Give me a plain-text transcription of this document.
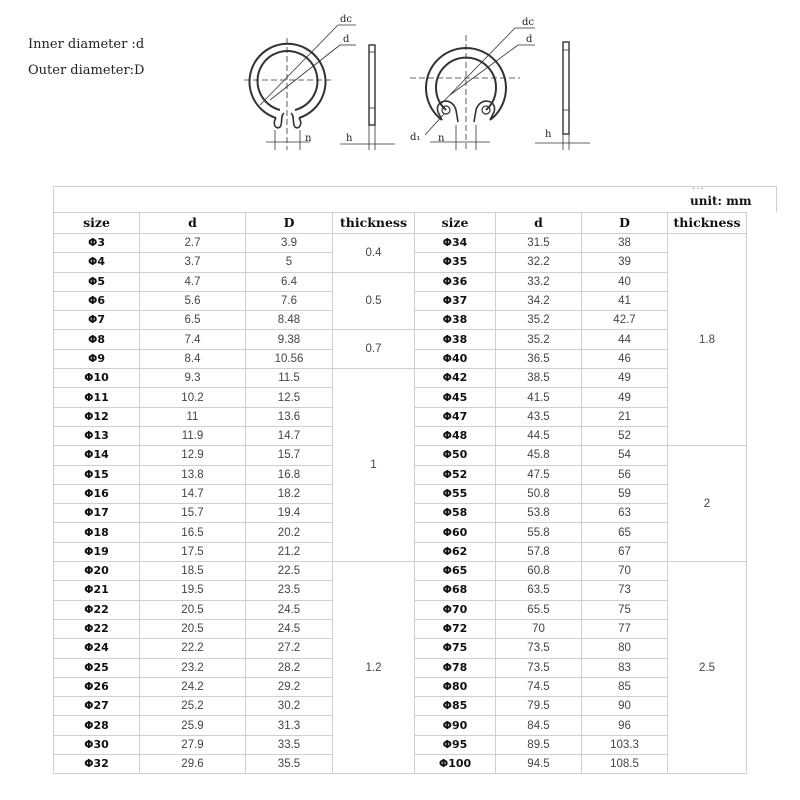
Inner diameter :d
Outer diameter:D
dc
d
n	h
dc
d
d₁ n	h
···
unit: mm
size	d	D	thickness	size	d	D	thickness
Φ3	2.7	3.9	0.4	Φ34	31.5	38	1.8
Φ4	3.7	5		Φ35	32.2	39	
Φ5	4.7	6.4	0.5	Φ36	33.2	40	
Φ6	5.6	7.6		Φ37	34.2	41	
Φ7	6.5	8.48		Φ38	35.2	42.7	
Φ8	7.4	9.38	0.7	Φ38	35.2	44	
Φ9	8.4	10.56		Φ40	36.5	46	
Φ10	9.3	11.5	1	Φ42	38.5	49	
Φ11	10.2	12.5		Φ45	41.5	49	
Φ12	11	13.6		Φ47	43.5	21	
Φ13	11.9	14.7		Φ48	44.5	52	
Φ14	12.9	15.7		Φ50	45.8	54	2
Φ15	13.8	16.8		Φ52	47.5	56	
Φ16	14.7	18.2		Φ55	50.8	59	
Φ17	15.7	19.4		Φ58	53.8	63	
Φ18	16.5	20.2		Φ60	55.8	65	
Φ19	17.5	21.2		Φ62	57.8	67	
Φ20	18.5	22.5	1.2	Φ65	60.8	70	2.5
Φ21	19.5	23.5		Φ68	63.5	73	
Φ22	20.5	24.5		Φ70	65.5	75	
Φ22	20.5	24.5		Φ72	70	77	
Φ24	22.2	27.2		Φ75	73.5	80	
Φ25	23.2	28.2		Φ78	73.5	83	
Φ26	24.2	29.2		Φ80	74.5	85	
Φ27	25.2	30.2		Φ85	79.5	90	
Φ28	25.9	31.3		Φ90	84.5	96	
Φ30	27.9	33.5		Φ95	89.5	103.3	
Φ32	29.6	35.5		Φ100	94.5	108.5	
